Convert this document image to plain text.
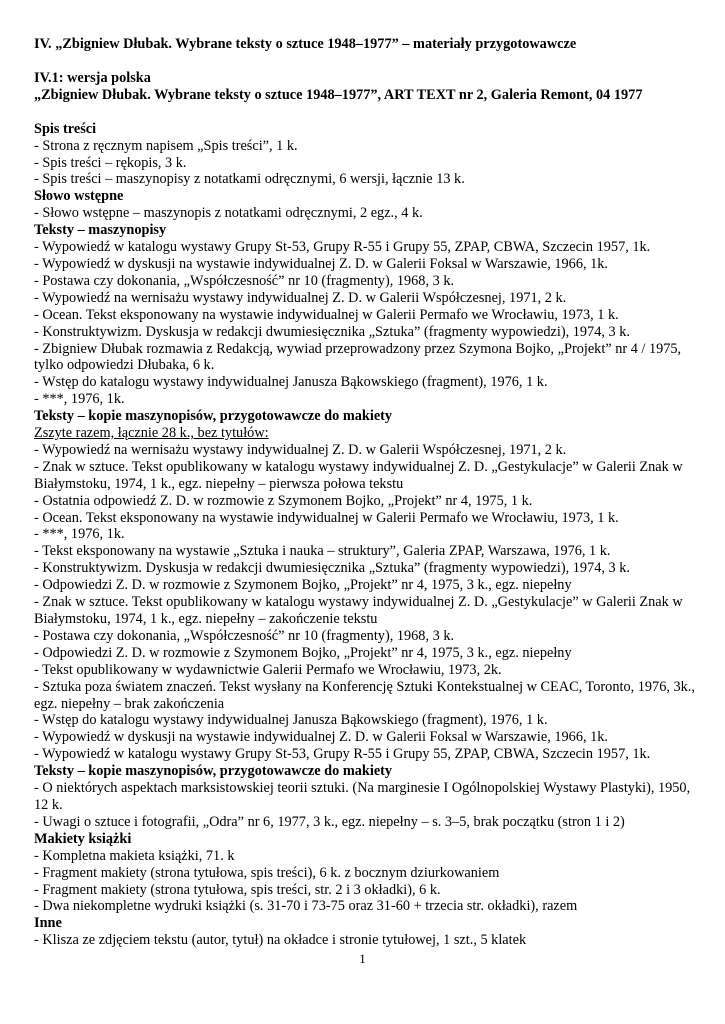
IV. „Zbigniew Dłubak. Wybrane teksty o sztuce 1948–1977” – materiały przygotowawcze

IV.1: wersja polska

„Zbigniew Dłubak. Wybrane teksty o sztuce 1948–1977”, ART TEXT nr 2, Galeria Remont, 04 1977

Spis treści

- Strona z ręcznym napisem „Spis treści”, 1 k.

- Spis treści – rękopis, 3 k.

- Spis treści – maszynopisy z notatkami odręcznymi, 6 wersji, łącznie 13 k.

Słowo wstępne

- Słowo wstępne – maszynopis z notatkami odręcznymi, 2 egz., 4 k.

Teksty – maszynopisy

- Wypowiedź w katalogu wystawy Grupy St-53, Grupy R-55 i Grupy 55, ZPAP, CBWA, Szczecin 1957, 1k.

- Wypowiedź w dyskusji na wystawie indywidualnej Z. D. w Galerii Foksal w Warszawie, 1966, 1k.

- Postawa czy dokonania, „Współczesność” nr 10 (fragmenty), 1968, 3 k.

- Wypowiedź na wernisażu wystawy indywidualnej Z. D. w Galerii Współczesnej, 1971, 2 k.

- Ocean. Tekst eksponowany na wystawie indywidualnej w Galerii Permafo we Wrocławiu, 1973, 1 k.

- Konstruktywizm. Dyskusja w redakcji dwumiesięcznika „Sztuka” (fragmenty wypowiedzi), 1974, 3 k.

- Zbigniew Dłubak rozmawia z Redakcją, wywiad przeprowadzony przez Szymona Bojko, „Projekt” nr 4 / 1975, tylko odpowiedzi Dłubaka, 6 k.

- Wstęp do katalogu wystawy indywidualnej Janusza Bąkowskiego (fragment), 1976, 1 k.

- ***, 1976, 1k.

Teksty – kopie maszynopisów, przygotowawcze do makiety

Zszyte razem, łącznie 28 k., bez tytułów:

- Wypowiedź na wernisażu wystawy indywidualnej Z. D. w Galerii Współczesnej, 1971, 2 k.

- Znak w sztuce. Tekst opublikowany w katalogu wystawy indywidualnej Z. D. „Gestykulacje” w Galerii Znak w Białymstoku, 1974, 1 k., egz. niepełny – pierwsza połowa tekstu

- Ostatnia odpowiedź Z. D. w rozmowie z Szymonem Bojko, „Projekt” nr 4, 1975, 1 k.

- Ocean. Tekst eksponowany na wystawie indywidualnej w Galerii Permafo we Wrocławiu, 1973, 1 k.

- ***, 1976, 1k.

- Tekst eksponowany na wystawie „Sztuka i nauka – struktury”, Galeria ZPAP, Warszawa, 1976, 1 k.

- Konstruktywizm. Dyskusja w redakcji dwumiesięcznika „Sztuka” (fragmenty wypowiedzi), 1974, 3 k.

- Odpowiedzi Z. D. w rozmowie z Szymonem Bojko, „Projekt” nr 4, 1975, 3 k., egz. niepełny

- Znak w sztuce. Tekst opublikowany w katalogu wystawy indywidualnej Z. D. „Gestykulacje” w Galerii Znak w Białymstoku, 1974, 1 k., egz. niepełny – zakończenie tekstu

- Postawa czy dokonania, „Współczesność” nr 10 (fragmenty), 1968, 3 k.

- Odpowiedzi Z. D. w rozmowie z Szymonem Bojko, „Projekt” nr 4, 1975, 3 k., egz. niepełny

- Tekst opublikowany w wydawnictwie Galerii Permafo we Wrocławiu, 1973, 2k.

- Sztuka poza światem znaczeń. Tekst wysłany na Konferencję Sztuki Kontekstualnej w CEAC, Toronto, 1976, 3k., egz. niepełny – brak zakończenia

- Wstęp do katalogu wystawy indywidualnej Janusza Bąkowskiego (fragment), 1976, 1 k.

- Wypowiedź w dyskusji na wystawie indywidualnej Z. D. w Galerii Foksal w Warszawie, 1966, 1k.

- Wypowiedź w katalogu wystawy Grupy St-53, Grupy R-55 i Grupy 55, ZPAP, CBWA, Szczecin 1957, 1k.

Teksty – kopie maszynopisów, przygotowawcze do makiety

- O niektórych aspektach marksistowskiej teorii sztuki. (Na marginesie I Ogólnopolskiej Wystawy Plastyki), 1950, 12 k.

- Uwagi o sztuce i fotografii, „Odra” nr 6, 1977, 3 k., egz. niepełny – s. 3–5, brak początku (stron 1 i 2)

Makiety książki

- Kompletna makieta książki, 71. k

- Fragment makiety (strona tytułowa, spis treści), 6 k. z bocznym dziurkowaniem

- Fragment makiety (strona tytułowa, spis treści, str. 2 i 3 okładki), 6 k.

- Dwa niekompletne wydruki książki (s. 31-70 i 73-75 oraz 31-60 + trzecia str. okładki), razem

Inne

- Klisza ze zdjęciem tekstu (autor, tytuł) na okładce i stronie tytułowej, 1 szt., 5 klatek

1
